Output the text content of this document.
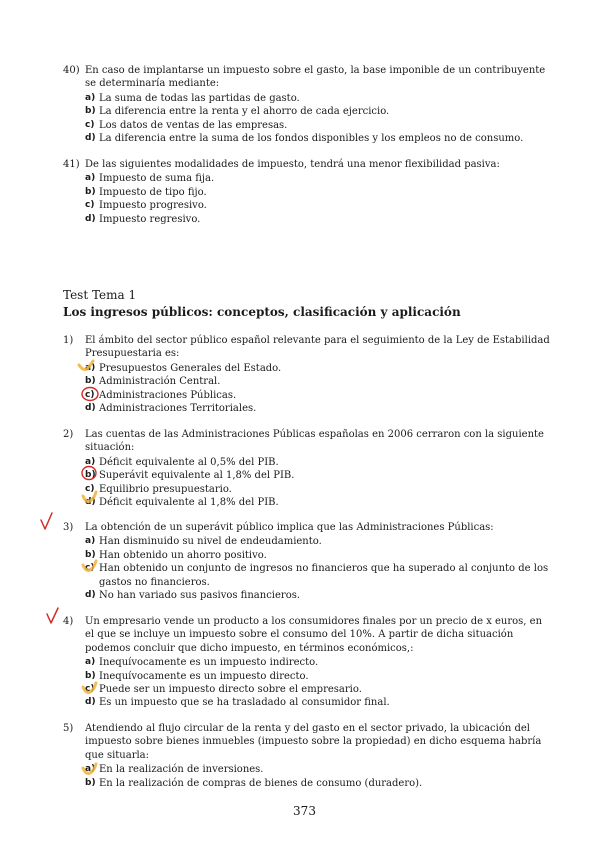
40) En caso de implantarse un impuesto sobre el gasto, la base imponible de un contribuyente se determinaría mediante:
a) La suma de todas las partidas de gasto.
b) La diferencia entre la renta y el ahorro de cada ejercicio.
c) Los datos de ventas de las empresas.
d) La diferencia entre la suma de los fondos disponibles y los empleos no de consumo.
41) De las siguientes modalidades de impuesto, tendrá una menor flexibilidad pasiva:
a) Impuesto de suma fija.
b) Impuesto de tipo fijo.
c) Impuesto progresivo.
d) Impuesto regresivo.
Test Tema 1
Los ingresos públicos: conceptos, clasificación y aplicación
1)	El ámbito del sector público español relevante para el seguimiento de la Ley de Estabilidad Presupuestaria es:
a) Presupuestos Generales del Estado.
b) Administración Central.
c) Administraciones Públicas.
d) Administraciones Territoriales.
2)	Las cuentas de las Administraciones Públicas españolas en 2006 cerraron con la siguiente situación:
a) Déficit equivalente al 0,5% del PIB.
b) Superávit equivalente al 1,8% del PIB.
c) Equilibrio presupuestario.
d) Déficit equivalente al 1,8% del PIB.
3)	La obtención de un superávit público implica que las Administraciones Públicas:
a) Han disminuido su nivel de endeudamiento.
b) Han obtenido un ahorro positivo.
c) Han obtenido un conjunto de ingresos no financieros que ha superado al conjunto de los gastos no financieros.
d) No han variado sus pasivos financieros.
4)	Un empresario vende un producto a los consumidores finales por un precio de x euros, en el que se incluye un impuesto sobre el consumo del 10%. A partir de dicha situación podemos concluir que dicho impuesto, en términos económicos,:
a) Inequívocamente es un impuesto indirecto.
b) Inequívocamente es un impuesto directo.
c) Puede ser un impuesto directo sobre el empresario.
d) Es un impuesto que se ha trasladado al consumidor final.
5)	Atendiendo al flujo circular de la renta y del gasto en el sector privado, la ubicación del impuesto sobre bienes inmuebles (impuesto sobre la propiedad) en dicho esquema habría que situarla:
a) En la realización de inversiones.
b) En la realización de compras de bienes de consumo (duradero).
373
